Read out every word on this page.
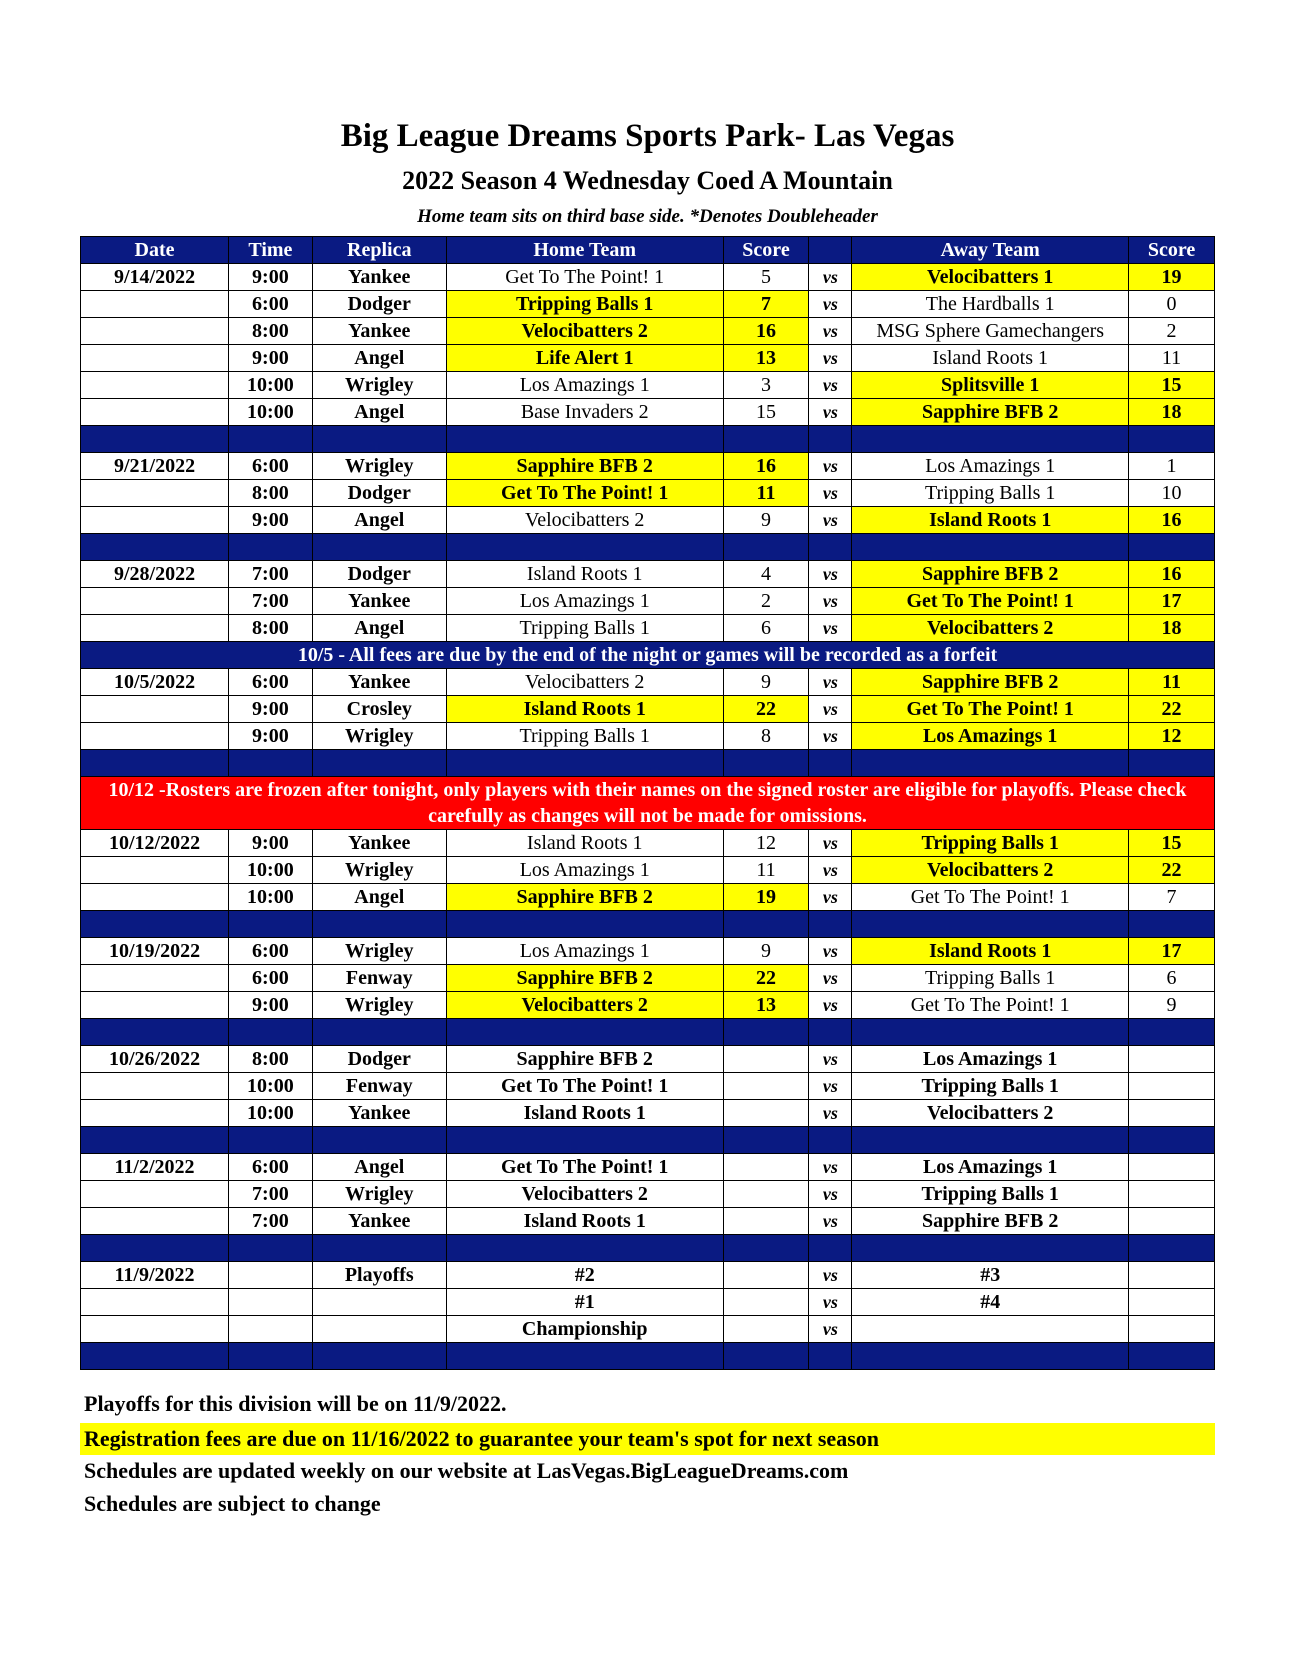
Big League Dreams Sports Park- Las Vegas
2022 Season 4 Wednesday Coed A Mountain
Home team sits on third base side. *Denotes Doubleheader
Date	Time	Replica	Home Team	Score		Away Team	Score
9/14/2022	9:00	Yankee	Get To The Point! 1	5	vs	Velocibatters 1	19
	6:00	Dodger	Tripping Balls 1	7	vs	The Hardballs 1	0
	8:00	Yankee	Velocibatters 2	16	vs	MSG Sphere Gamechangers	2
	9:00	Angel	Life Alert 1	13	vs	Island Roots 1	11
	10:00	Wrigley	Los Amazings 1	3	vs	Splitsville 1	15
	10:00	Angel	Base Invaders 2	15	vs	Sapphire BFB 2	18

9/21/2022	6:00	Wrigley	Sapphire BFB 2	16	vs	Los Amazings 1	1
	8:00	Dodger	Get To The Point! 1	11	vs	Tripping Balls 1	10
	9:00	Angel	Velocibatters 2	9	vs	Island Roots 1	16

9/28/2022	7:00	Dodger	Island Roots 1	4	vs	Sapphire BFB 2	16
	7:00	Yankee	Los Amazings 1	2	vs	Get To The Point! 1	17
	8:00	Angel	Tripping Balls 1	6	vs	Velocibatters 2	18
10/5 - All fees are due by the end of the night or games will be recorded as a forfeit							
10/5/2022	6:00	Yankee	Velocibatters 2	9	vs	Sapphire BFB 2	11
	9:00	Crosley	Island Roots 1	22	vs	Get To The Point! 1	22
	9:00	Wrigley	Tripping Balls 1	8	vs	Los Amazings 1	12

10/12 -Rosters are frozen after tonight, only players with their names on the signed roster are eligible for playoffs. Please check carefully as changes will not be made for omissions.							
10/12/2022	9:00	Yankee	Island Roots 1	12	vs	Tripping Balls 1	15
	10:00	Wrigley	Los Amazings 1	11	vs	Velocibatters 2	22
	10:00	Angel	Sapphire BFB 2	19	vs	Get To The Point! 1	7

10/19/2022	6:00	Wrigley	Los Amazings 1	9	vs	Island Roots 1	17
	6:00	Fenway	Sapphire BFB 2	22	vs	Tripping Balls 1	6
	9:00	Wrigley	Velocibatters 2	13	vs	Get To The Point! 1	9

10/26/2022	8:00	Dodger	Sapphire BFB 2		vs	Los Amazings 1	
	10:00	Fenway	Get To The Point! 1		vs	Tripping Balls 1	
	10:00	Yankee	Island Roots 1		vs	Velocibatters 2	

11/2/2022	6:00	Angel	Get To The Point! 1		vs	Los Amazings 1	
	7:00	Wrigley	Velocibatters 2		vs	Tripping Balls 1	
	7:00	Yankee	Island Roots 1		vs	Sapphire BFB 2	

11/9/2022		Playoffs	#2		vs	#3	
			#1		vs	#4	
			Championship		vs		

Playoffs for this division will be on 11/9/2022.
Registration fees are due on 11/16/2022 to guarantee your team's spot for next season
Schedules are updated weekly on our website at LasVegas.BigLeagueDreams.com
Schedules are subject to change
